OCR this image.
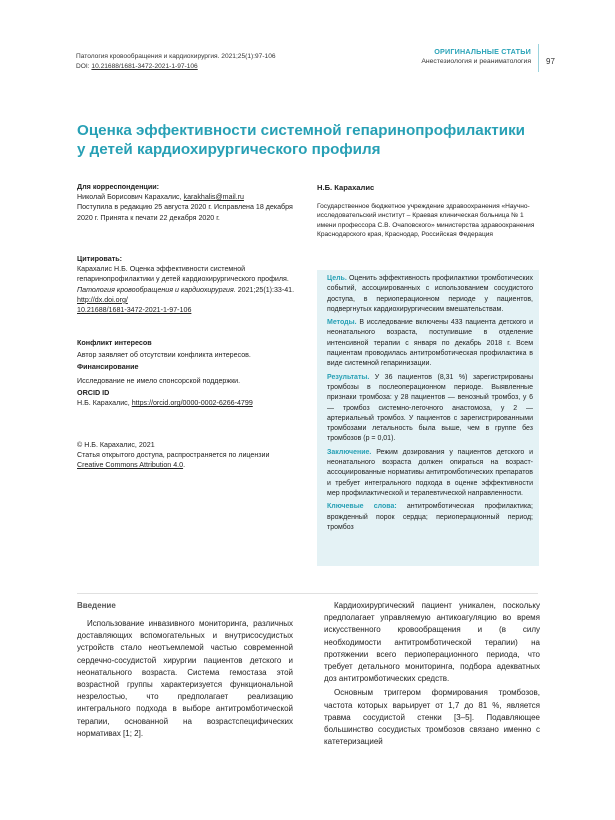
Патология кровообращения и кардиохирургия. 2021;25(1):97-106
DOI: 10.21688/1681-3472-2021-1-97-106
ОРИГИНАЛЬНЫЕ СТАТЬИ
Анестезиология и реаниматология 97
Оценка эффективности системной гепаринопрофилактики у детей кардиохирургического профиля
Для корреспонденции:
Николай Борисович Карахалис, karakhalis@mail.ru
Поступила в редакцию 25 августа 2020 г. Исправлена 18 декабря 2020 г. Принята к печати 22 декабря 2020 г.
Цитировать:
Карахалис Н.Б. Оценка эффективности системной гепаринопрофилактики у детей кардиохирургического профиля. Патология кровообращения и кардиохирургия. 2021;25(1):33-41. http://dx.doi.org/
10.21688/1681-3472-2021-1-97-106
Конфликт интересов
Автор заявляет об отсутствии конфликта интересов.
Финансирование
Исследование не имело спонсорской поддержки.
ORCID ID
Н.Б. Карахалис, https://orcid.org/0000-0002-6266-4799
© Н.Б. Карахалис, 2021
Статья открытого доступа, распространяется по лицензии Creative Commons Attribution 4.0.
Н.Б. Карахалис
Государственное бюджетное учреждение здравоохранения «Научно-исследовательский институт – Краевая клиническая больница № 1 имени профессора С.В. Очаповского» министерства здравоохранения Краснодарского края, Краснодар, Российская Федерация

Цель. Оценить эффективность профилактики тромботических событий, ассоциированных с использованием сосудистого доступа, в периоперационном периоде у пациентов, подвергнутых кардиохирургическим вмешательствам.

Методы. В исследование включены 433 пациента детского и неонатального возраста, поступившие в отделение интенсивной терапии с января по декабрь 2018 г. Всем пациентам проводилась антитромботическая профилактика в виде системной гепаринизации.

Результаты. У 36 пациентов (8,31 %) зарегистрированы тромбозы в послеоперационном периоде. Выявленные признаки тромбоза: у 28 пациентов — венозный тромбоз, у 6 — тромбоз системно-легочного анастомоза, у 2 — артериальный тромбоз. У пациентов с зарегистрированными тромбозами летальность была выше, чем в группе без тромбозов (p = 0,01).

Заключение. Режим дозирования у пациентов детского и неонатального возраста должен опираться на возраст-ассоциированные нормативы антитромботических препаратов и требует интегрального подхода в оценке эффективности мер профилактической и терапевтической направленности.

Ключевые слова: антитромботическая профилактика; врожденный порок сердца; периоперационный период; тромбоз

Введение

Использование инвазивного мониторинга, различных доставляющих вспомогательных и внутрисосудистых устройств стало неотъемлемой частью современной сердечно-сосудистой хирургии пациентов детского и неонатального возраста. Система гемостаза этой возрастной группы характеризуется функциональной незрелостью, что предполагает реализацию интегрального подхода в выборе антитромботической терапии, основанной на возрастспецифических нормативах [1; 2].

Кардиохирургический пациент уникален, поскольку предполагает управляемую антикоагуляцию во время искусственного кровообращения и (в силу необходимости антитромботической терапии) на протяжении всего периоперационного периода, что требует детального мониторинга, подбора адекватных доз антитромботических средств.

Основным триггером формирования тромбозов, частота которых варьирует от 1,7 до 81 %, является травма сосудистой стенки [3–5]. Подавляющее большинство сосудистых тромбозов связано именно с катетеризацией
